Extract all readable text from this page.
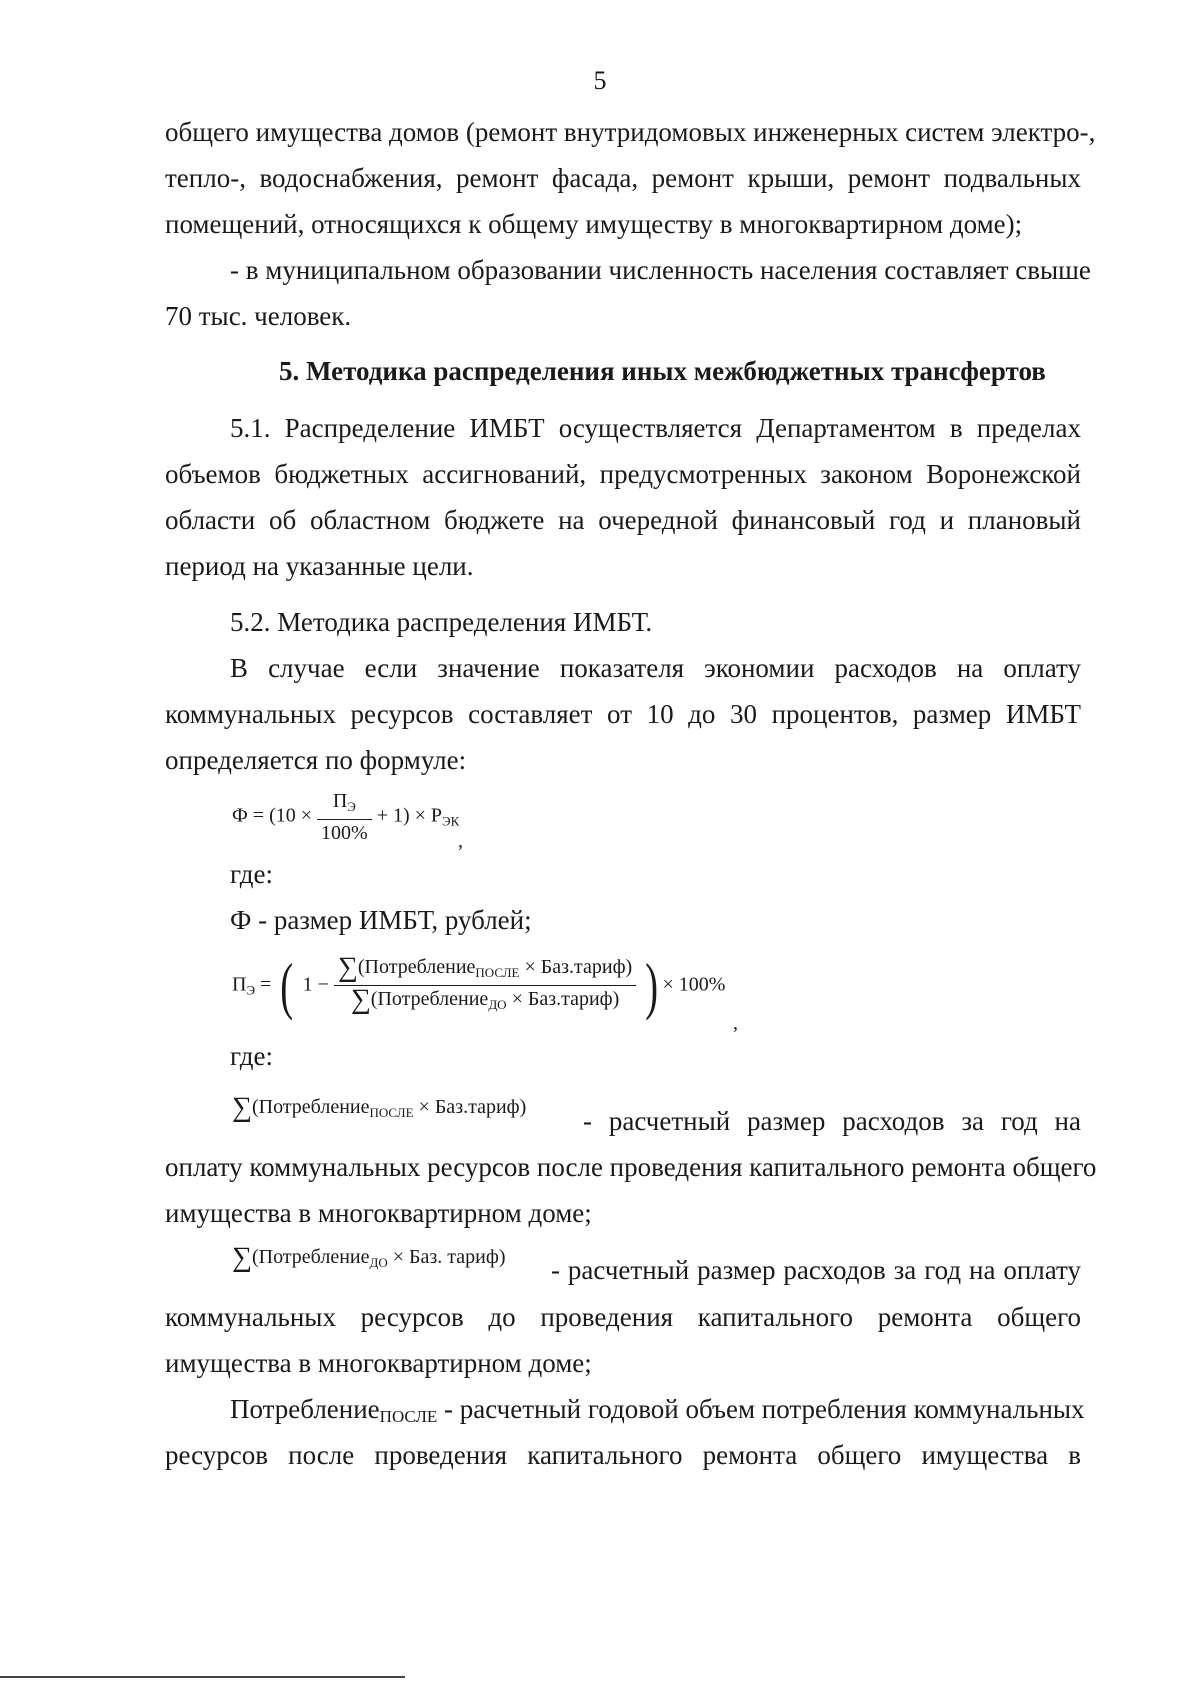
5
общего имущества домов (ремонт внутридомовых инженерных систем электро-,
тепло-, водоснабжения, ремонт фасада, ремонт крыши, ремонт подвальных
помещений, относящихся к общему имуществу в многоквартирном доме);
- в муниципальном образовании численность населения составляет свыше
70 тыс. человек.
5. Методика распределения иных межбюджетных трансфертов
5.1. Распределение ИМБТ осуществляется Департаментом в пределах
объемов бюджетных ассигнований, предусмотренных законом Воронежской
области об областном бюджете на очередной финансовый год и плановый
период на указанные цели.
5.2. Методика распределения ИМБТ.
В случае если значение показателя экономии расходов на оплату
коммунальных ресурсов составляет от 10 до 30 процентов, размер ИМБТ
определяется по формуле:
$Ф = (10 \times \frac{П_Э}{100\%} + 1) \times Р_{ЭК}$
,
где:
Ф - размер ИМБТ, рублей;
$П_Э$ = ( $1 - \frac{\sum(Потребление_{ПОСЛЕ} \times Баз.тариф)}{\sum(Потребление_{ДО} \times Баз.тариф)}$ ) × 100%
,
где:
∑(Потребление$_{ПОСЛЕ}$ × Баз.тариф) - расчетный размер расходов за год на
оплату коммунальных ресурсов после проведения капитального ремонта общего
имущества в многоквартирном доме;
∑(Потребление$_{ДО}$ × Баз. тариф) - расчетный размер расходов за год на оплату
коммунальных ресурсов до проведения капитального ремонта общего
имущества в многоквартирном доме;
Потребление$_{ПОСЛЕ}$ - расчетный годовой объем потребления коммунальных
ресурсов после проведения капитального ремонта общего имущества в
